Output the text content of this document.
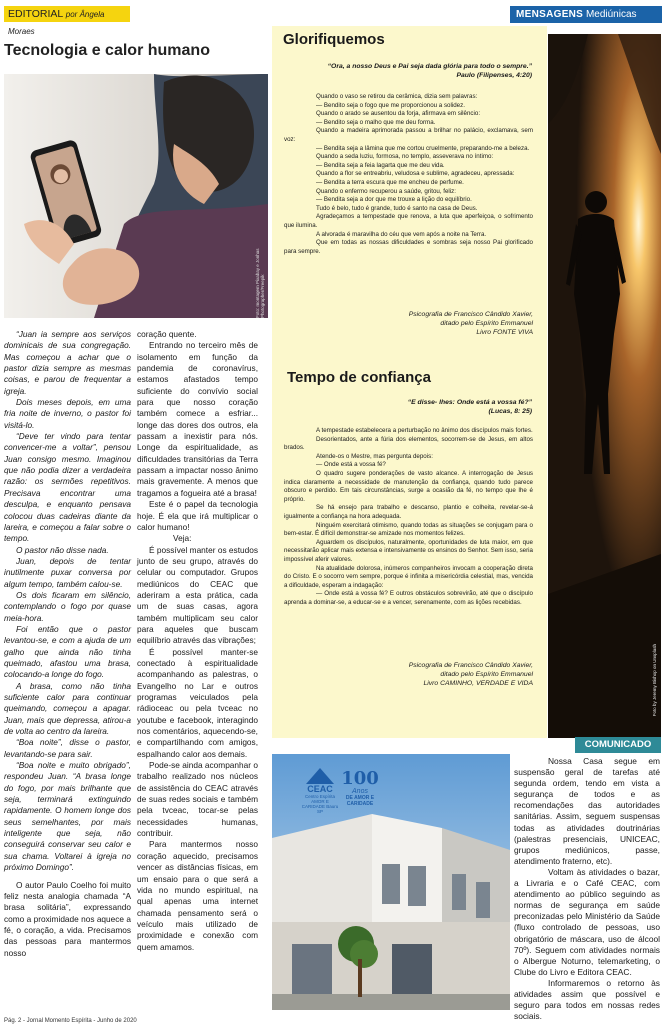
EDITORIAL por Ângela Moraes
Tecnologia e calor humano
Foto: montagem Pixabay e Jonhas Photographer/Freepik

“Juan ia sempre aos serviços dominicais de sua congregação. Mas começou a achar que o pastor dizia sempre as mesmas coisas, e parou de frequentar a igreja.

Dois meses depois, em uma fria noite de inverno, o pastor foi visitá-lo.

“Deve ter vindo para tentar convencer-me a voltar”, pensou Juan consigo mesmo. Imaginou que não podia dizer a verdadeira razão: os sermões repetitivos. Precisava encontrar uma desculpa, e enquanto pensava colocou duas cadeiras diante da lareira, e começou a falar sobre o tempo.

O pastor não disse nada.

Juan, depois de tentar inutilmente puxar conversa por algum tempo, também calou-se.

Os dois ficaram em silêncio, contemplando o fogo por quase meia-hora.

Foi então que o pastor levantou-se, e com a ajuda de um galho que ainda não tinha queimado, afastou uma brasa, colocando-a longe do fogo.

A brasa, como não tinha suficiente calor para continuar queimando, começou a apagar. Juan, mais que depressa, atirou-a de volta ao centro da lareira.

“Boa noite”, disse o pastor, levantando-se para sair.

“Boa noite e muito obrigado”, respondeu Juan. “A brasa longe do fogo, por mais brilhante que seja, terminará extinguindo rapidamente. O homem longe dos seus semelhantes, por mais inteligente que seja, não conseguirá conservar seu calor e sua chama. Voltarei à igreja no próximo Domingo”.

O autor Paulo Coelho foi muito feliz nesta analogia chamada “A brasa solitária”, expressando como a proximidade nos aquece a fé, o coração, a vida. Precisamos das pessoas para mantermos nosso

coração quente.

Entrando no terceiro mês de isolamento em função da pandemia de coronavírus, estamos afastados tempo suficiente do convívio social para que nosso coração também comece a esfriar... longe das dores dos outros, ela passam a inexistir para nós. Longe da espiritualidade, as dificuldades transitórias da Terra passam a impactar nosso ânimo mais gravemente. A menos que tragamos a fogueira até a brasa!

Este é o papel da tecnologia hoje. É ela que irá multiplicar o calor humano!

Veja:

É possível manter os estudos junto de seu grupo, através do celular ou computador. Grupos mediúnicos do CEAC que aderiram a esta prática, cada um de suas casas, agora também multiplicam seu calor para aqueles que buscam equilíbrio através das vibrações;

É possível manter-se conectado à espiritualidade acompanhando as palestras, o Evangelho no Lar e outros programas veiculados pela rádioceac ou pela tvceac no youtube e facebook, interagindo nos comentários, aquecendo-se, e compartilhando com amigos, espalhando calor aos demais.

Pode-se ainda acompanhar o trabalho realizado nos núcleos de assistência do CEAC através de suas redes sociais e também pela tvceac, tocar-se pelas necessidades humanas, contribuir.

Para mantermos nosso coração aquecido, precisamos vencer as distâncias físicas, em um ensaio para o que será a vida no mundo espiritual, na qual apenas uma internet chamada pensamento será o veículo mais utilizado de proximidade e conexão com quem amamos.

MENSAGENS Mediúnicas
Glorifiquemos
“Ora, a nosso Deus e Pai seja dada glória para todo o sempre.”
Paulo (Filipenses, 4:20)

Quando o vaso se retirou da cerâmica, dizia sem palavras:

— Bendito seja o fogo que me proporcionou a solidez.

Quando o arado se ausentou da forja, afirmava em silêncio:

— Bendito seja o malho que me deu forma.

Quando a madeira aprimorada passou a brilhar no palácio, exclamava, sem voz:

— Bendita seja a lâmina que me cortou cruelmente, preparando-me a beleza.

Quando a seda luziu, formosa, no templo, asseverava no íntimo:

— Bendita seja a feia lagarta que me deu vida.

Quando a flor se entreabriu, veludosa e sublime, agradeceu, apressada:

— Bendita a terra escura que me encheu de perfume.

Quando o enfermo recuperou a saúde, gritou, feliz:

— Bendita seja a dor que me trouxe a lição do equilíbrio.

Tudo é belo, tudo é grande, tudo é santo na casa de Deus.

Agradeçamos a tempestade que renova, a luta que aperfeiçoa, o sofrimento que ilumina.

A alvorada é maravilha do céu que vem após a noite na Terra.

Que em todas as nossas dificuldades e sombras seja nosso Pai glorificado para sempre.

Psicografia de Francisco Cândido Xavier,
ditado pelo Espírito Emmanuel
Livro FONTE VIVA
Tempo de confiança
“E disse- lhes: Onde está a vossa fé?”
(Lucas, 8: 25)

A tempestade estabelecera a perturbação no ânimo dos discípulos mais fortes.

Desorientados, ante a fúria dos elementos, socorrem-se de Jesus, em altos brados.

Atende-os o Mestre, mas pergunta depois:

— Onde está a vossa fé?

O quadro sugere ponderações de vasto alcance. A interrogação de Jesus indica claramente a necessidade de manutenção da confiança, quando tudo parece obscuro e perdido. Em tais circunstâncias, surge a ocasião da fé, no tempo que lhe é próprio.

Se há ensejo para trabalho e descanso, plantio e colheita, revelar-se-á igualmente a confiança na hora adequada.

Ninguém exercitará otimismo, quando todas as situações se conjugam para o bem-estar. É difícil demonstrar-se amizade nos momentos felizes.

Aguardem os discípulos, naturalmente, oportunidades de luta maior, em que necessitarão aplicar mais extensa e intensivamente os ensinos do Senhor. Sem isso, seria impossível aferir valores.

Na atualidade dolorosa, inúmeros companheiros invocam a cooperação direta do Cristo. E o socorro vem sempre, porque é infinita a misericórdia celestial, mas, vencida a dificuldade, esperam a indagação:

— Onde está a vossa fé? E outros obstáculos sobrevirão, até que o discípulo aprenda a dominar-se, a educar-se e a vencer, serenamente, com as lições recebidas.

Psicografia de Francisco Cândido Xavier,
ditado pelo Espírito Emmanuel
Livro CAMINHO, VERDADE E VIDA	Foto by Jeremy Bishop on Unsplash
COMUNICADO
CEAC
Centro Espírita AMOR E CARIDADE Bauru SP
100
Anos
DE AMOR E CARIDADE

Nossa Casa segue em suspensão geral de tarefas até segunda ordem, tendo em vista a segurança de todos e as recomendações das autoridades sanitárias. Assim, seguem suspensas todas as atividades doutrinárias (palestras presenciais, UNICEAC, grupos mediúnicos, passe, atendimento fraterno, etc).

Voltam às atividades o bazar, a Livraria e o Café CEAC, com atendimento ao público seguindo as normas de segurança em saúde preconizadas pelo Ministério da Saúde (fluxo controlado de pessoas, uso obrigatório de máscara, uso de álcool 70º). Seguem com atividades normais o Albergue Noturno, telemarketing, o Clube do Livro e Editora CEAC.

Informaremos o retorno às atividades assim que possível e seguro para todos em nossas redes sociais.

Pág. 2 - Jornal Momento Espírita - Junho de 2020
